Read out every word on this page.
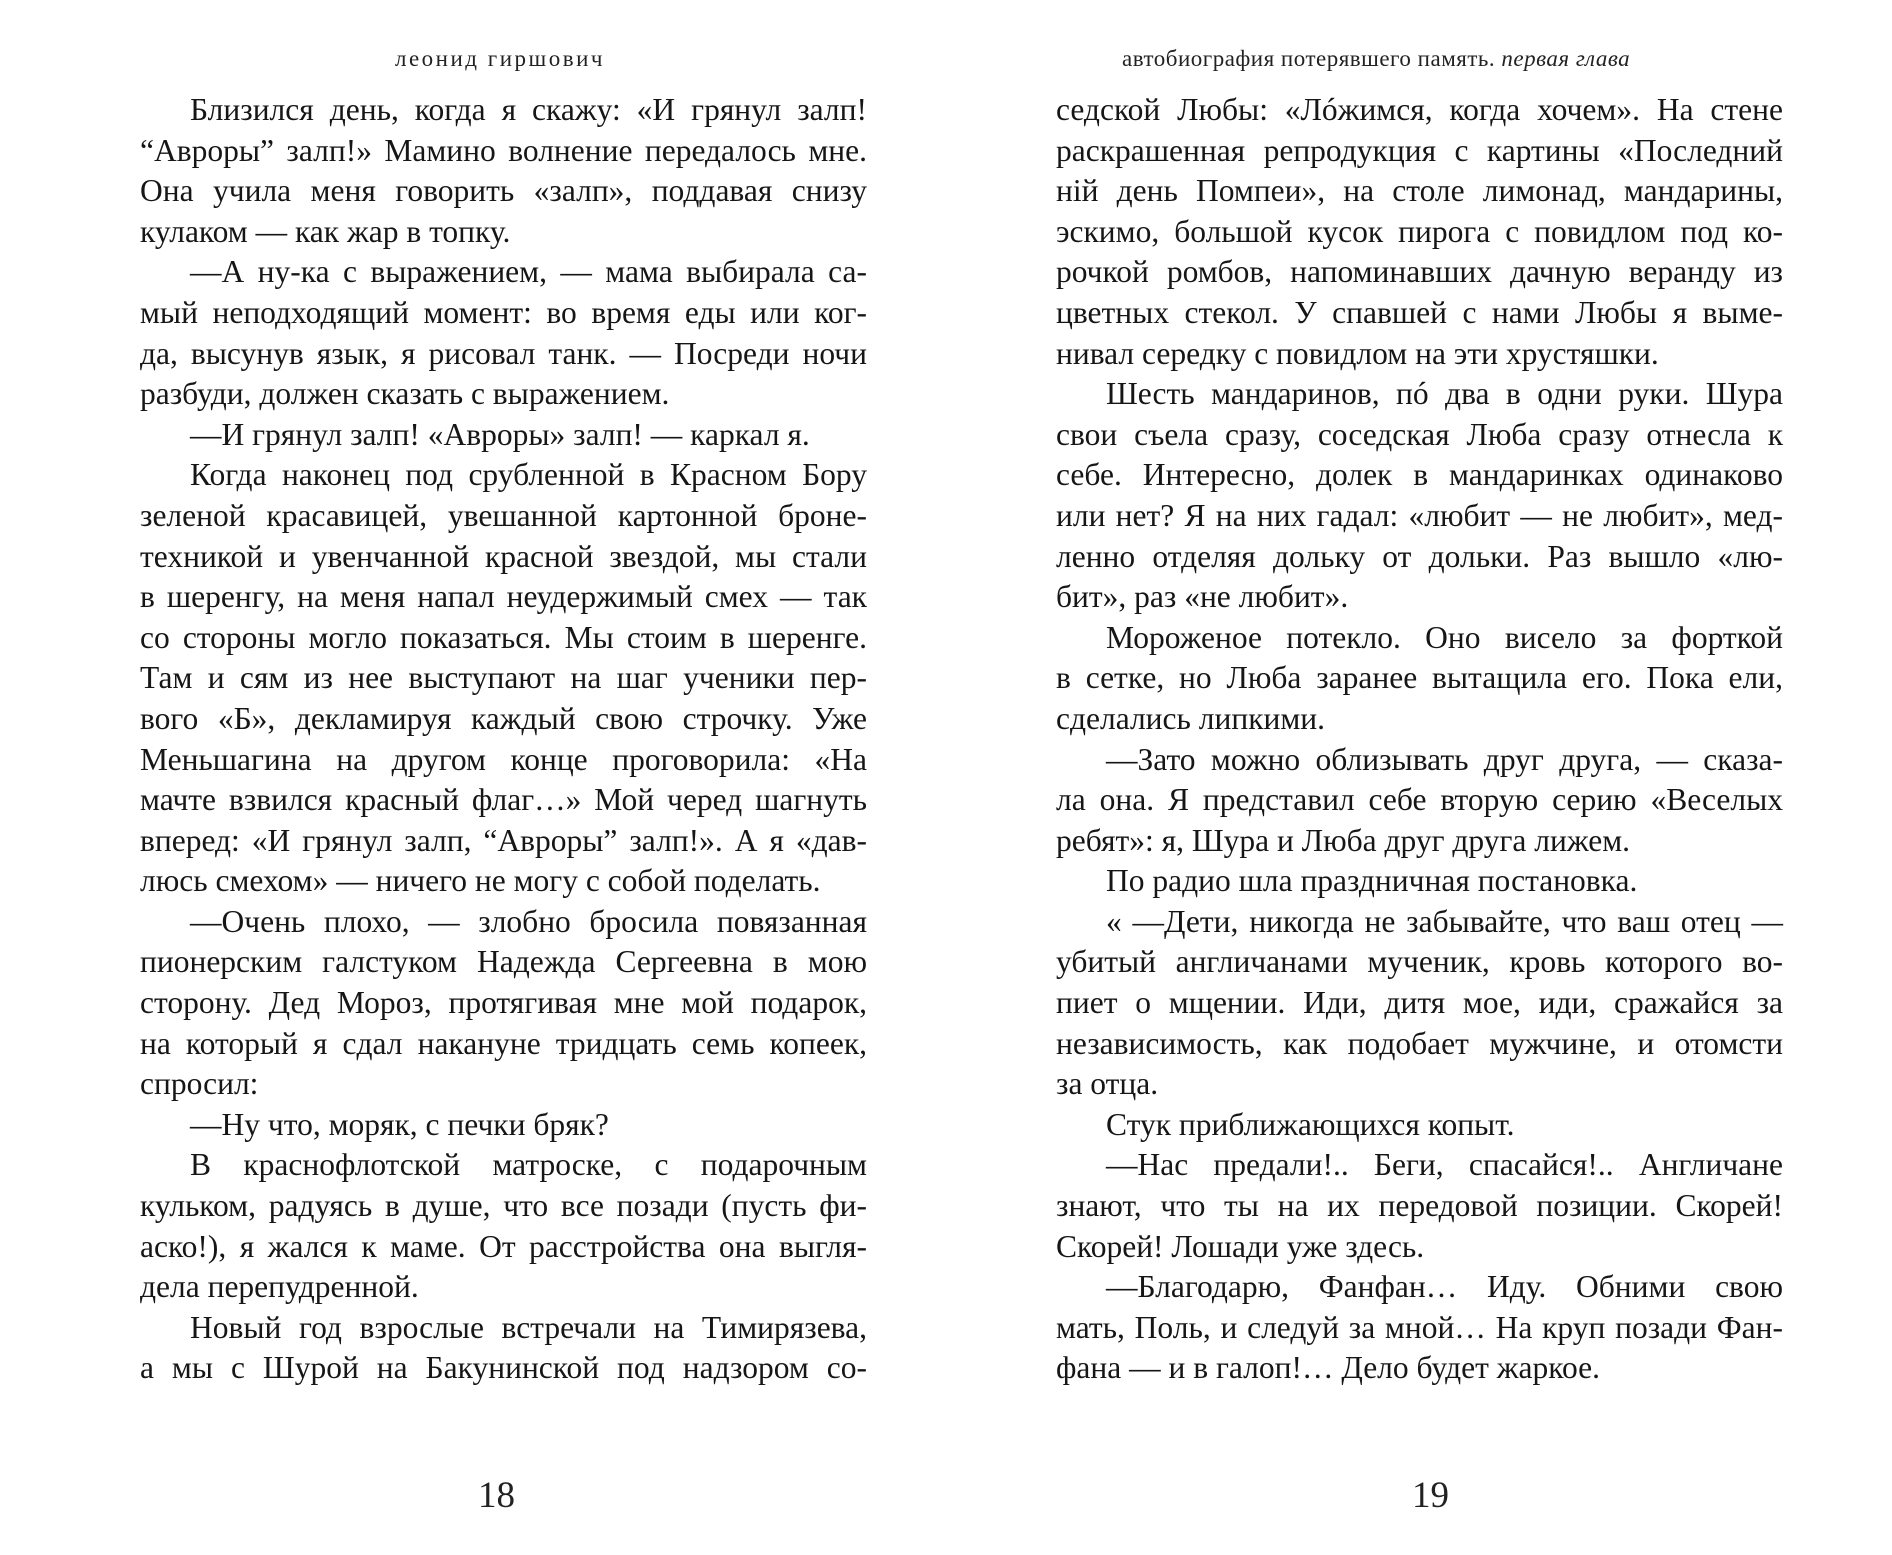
леонид гиршович
Близился день, когда я скажу: «И грянул залп!
“Авроры” залп!» Мамино волнение передалось мне.
Она учила меня говорить «залп», поддавая снизу
кулаком — как жар в топку.
—А ну-ка с выражением, — мама выбирала са-
мый неподходящий момент: во время еды или ког-
да, высунув язык, я рисовал танк. — Посреди ночи
разбуди, должен сказать с выражением.
—И грянул залп! «Авроры» залп! — каркал я.
Когда наконец под срубленной в Красном Бору
зеленой красавицей, увешанной картонной броне-
техникой и увенчанной красной звездой, мы стали
в шеренгу, на меня напал неудержимый смех — так
со стороны могло показаться. Мы стоим в шеренге.
Там и сям из нее выступают на шаг ученики пер-
вого «Б», декламируя каждый свою строчку. Уже
Меньшагина на другом конце проговорила: «На
мачте взвился красный флаг…» Мой черед шагнуть
вперед: «И грянул залп, “Авроры” залп!». А я «дав-
люсь смехом» — ничего не могу с собой поделать.
—Очень плохо, — злобно бросила повязанная
пионерским галстуком Надежда Сергеевна в мою
сторону. Дед Мороз, протягивая мне мой подарок,
на который я сдал накануне тридцать семь копеек,
спросил:
—Ну что, моряк, с печки бряк?
В краснофлотской матроске, с подарочным
кульком, радуясь в душе, что все позади (пусть фи-
аско!), я жался к маме. От расстройства она выгля-
дела перепудренной.
Новый год взрослые встречали на Тимирязева,
а мы с Шурой на Бакунинской под надзором со-
18
автобиография потерявшего память. первая глава
седской Любы: «Лóжимся, когда хочем». На стене
раскрашенная репродукция с картины «Последний
ній день Помпеи», на столе лимонад, мандарины,
эскимо, большой кусок пирога с повидлом под ко-
рочкой ромбов, напоминавших дачную веранду из
цветных стекол. У спавшей с нами Любы я выме-
нивал середку с повидлом на эти хрустяшки.
Шесть мандаринов, пó два в одни руки. Шура
свои съела сразу, соседская Люба сразу отнесла к
себе. Интересно, долек в мандаринках одинаково
или нет? Я на них гадал: «любит — не любит», мед-
ленно отделяя дольку от дольки. Раз вышло «лю-
бит», раз «не любит».
Мороженое потекло. Оно висело за форткой
в сетке, но Люба заранее вытащила его. Пока ели,
сделались липкими.
—Зато можно облизывать друг друга, — сказа-
ла она. Я представил себе вторую серию «Веселых
ребят»: я, Шура и Люба друг друга лижем.
По радио шла праздничная постановка.
« —Дети, никогда не забывайте, что ваш отец —
убитый англичанами мученик, кровь которого во-
пиет о мщении. Иди, дитя мое, иди, сражайся за
независимость, как подобает мужчине, и отомсти
за отца.
Стук приближающихся копыт.
—Нас предали!.. Беги, спасайся!.. Англичане
знают, что ты на их передовой позиции. Скорей!
Скорей! Лошади уже здесь.
—Благодарю, Фанфан… Иду. Обними свою
мать, Поль, и следуй за мной… На круп позади Фан-
фана — и в галоп!… Дело будет жаркое.
19
